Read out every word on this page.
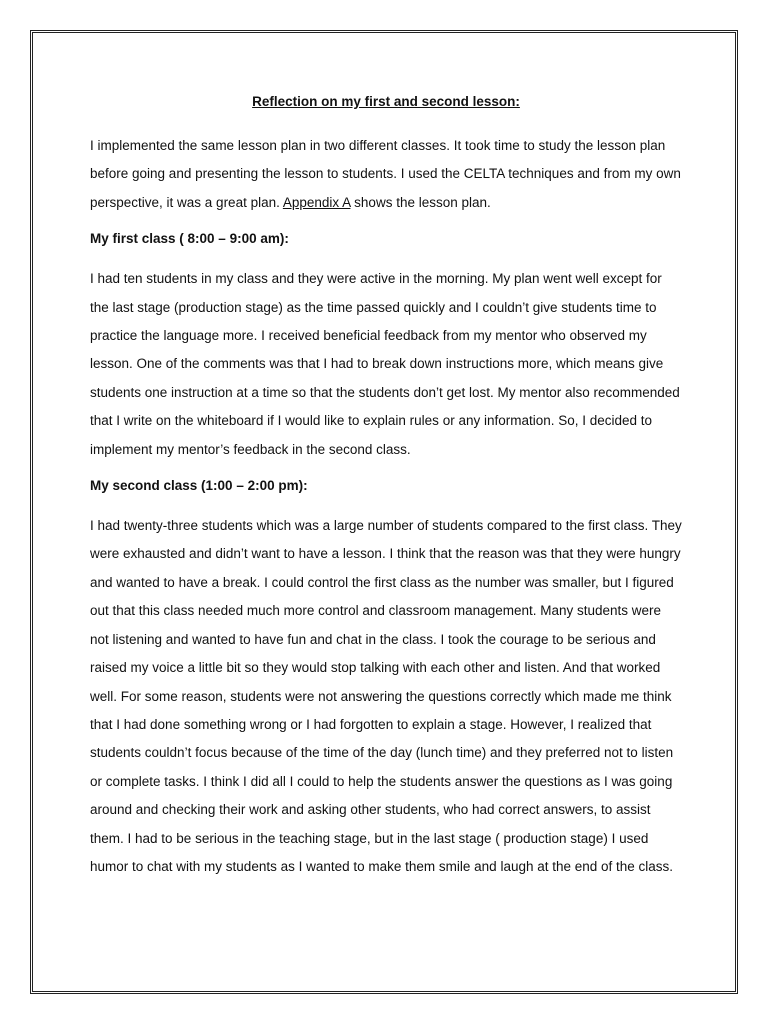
Reflection on my first and second lesson:

I implemented the same lesson plan in two different classes. It took time to study the lesson plan before going and presenting the lesson to students. I used the CELTA techniques and from my own perspective, it was a great plan. Appendix A shows the lesson plan.

My first class ( 8:00 – 9:00 am):

I had ten students in my class and they were active in the morning. My plan went well except for the last stage (production stage) as the time passed quickly and I couldn’t give students time to practice the language more. I received beneficial feedback from my mentor who observed my lesson. One of the comments was that I had to break down instructions more, which means give students one instruction at a time so that the students don’t get lost. My mentor also recommended that I write on the whiteboard if I would like to explain rules or any information. So, I decided to implement my mentor’s feedback in the second class.

My second class (1:00 – 2:00 pm):

I had twenty-three students which was a large number of students compared to the first class. They were exhausted and didn’t want to have a lesson. I think that the reason was that they were hungry and wanted to have a break. I could control the first class as the number was smaller, but I figured out that this class needed much more control and classroom management. Many students were not listening and wanted to have fun and chat in the class. I took the courage to be serious and raised my voice a little bit so they would stop talking with each other and listen. And that worked well. For some reason, students were not answering the questions correctly which made me think that I had done something wrong or I had forgotten to explain a stage. However, I realized that students couldn’t focus because of the time of the day (lunch time) and they preferred not to listen or complete tasks. I think I did all I could to help the students answer the questions as I was going around and checking their work and asking other students, who had correct answers, to assist them. I had to be serious in the teaching stage, but in the last stage ( production stage) I used humor to chat with my students as I wanted to make them smile and laugh at the end of the class.
